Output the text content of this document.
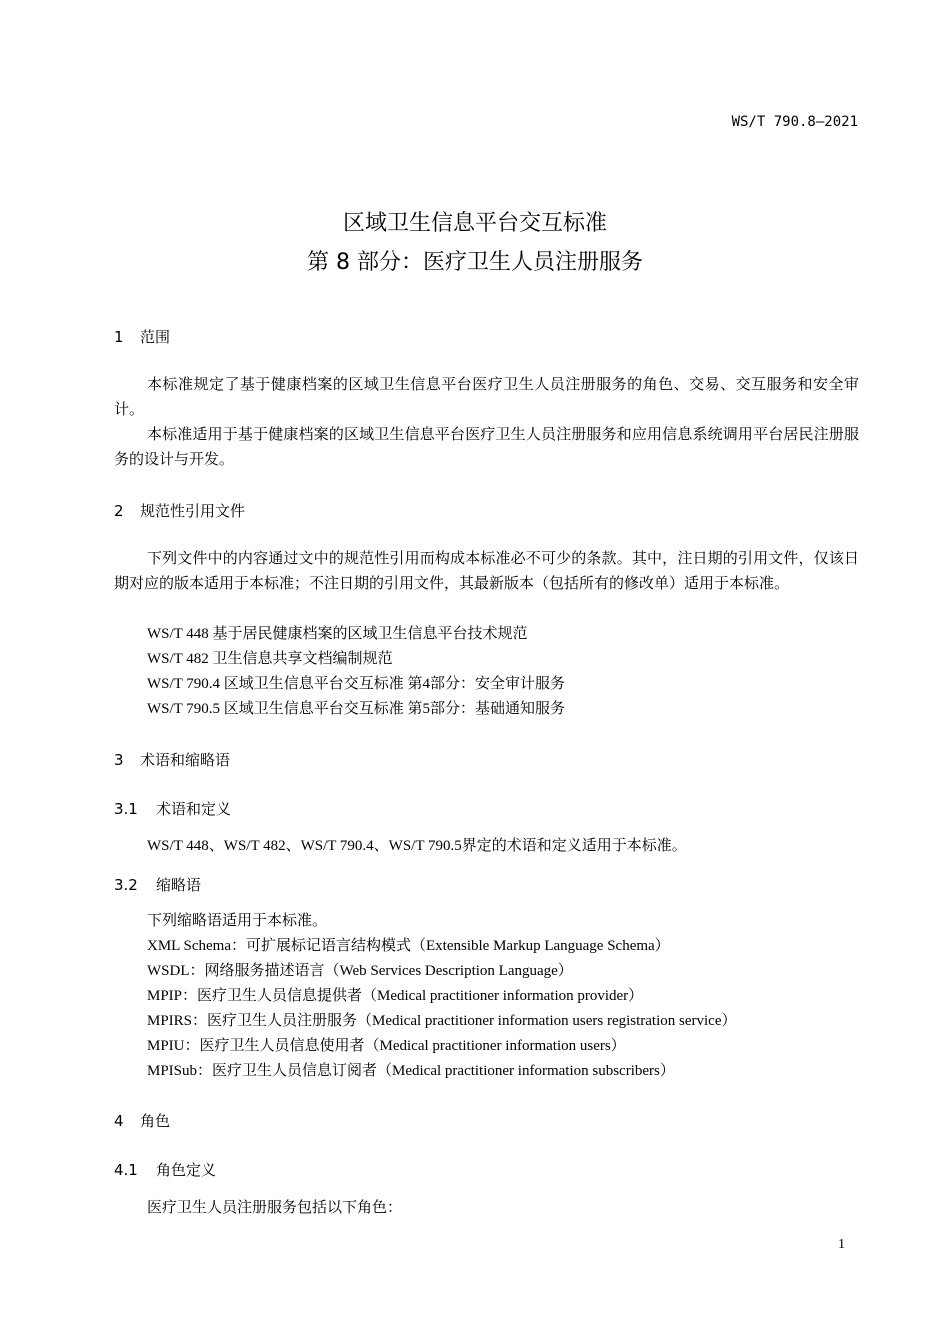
WS/T 790.8—2021
区域卫生信息平台交互标准
第 8 部分：医疗卫生人员注册服务
1 范围
本标准规定了基于健康档案的区域卫生信息平台医疗卫生人员注册服务的角色、交易、交互服务和安全审计。
本标准适用于基于健康档案的区域卫生信息平台医疗卫生人员注册服务和应用信息系统调用平台居民注册服务的设计与开发。
2 规范性引用文件
下列文件中的内容通过文中的规范性引用而构成本标准必不可少的条款。其中，注日期的引用文件，仅该日期对应的版本适用于本标准；不注日期的引用文件，其最新版本（包括所有的修改单）适用于本标准。
WS/T 448 基于居民健康档案的区域卫生信息平台技术规范
WS/T 482 卫生信息共享文档编制规范
WS/T 790.4 区域卫生信息平台交互标准 第4部分：安全审计服务
WS/T 790.5 区域卫生信息平台交互标准 第5部分：基础通知服务
3 术语和缩略语
3.1 术语和定义
WS/T 448、WS/T 482、WS/T 790.4、WS/T 790.5界定的术语和定义适用于本标准。
3.2 缩略语
下列缩略语适用于本标准。
XML Schema：可扩展标记语言结构模式（Extensible Markup Language Schema）
WSDL：网络服务描述语言（Web Services Description Language）
MPIP：医疗卫生人员信息提供者（Medical practitioner information provider）
MPIRS：医疗卫生人员注册服务（Medical practitioner information users registration service）
MPIU：医疗卫生人员信息使用者（Medical practitioner information users）
MPISub：医疗卫生人员信息订阅者（Medical practitioner information subscribers）
4 角色
4.1 角色定义
医疗卫生人员注册服务包括以下角色：
1
